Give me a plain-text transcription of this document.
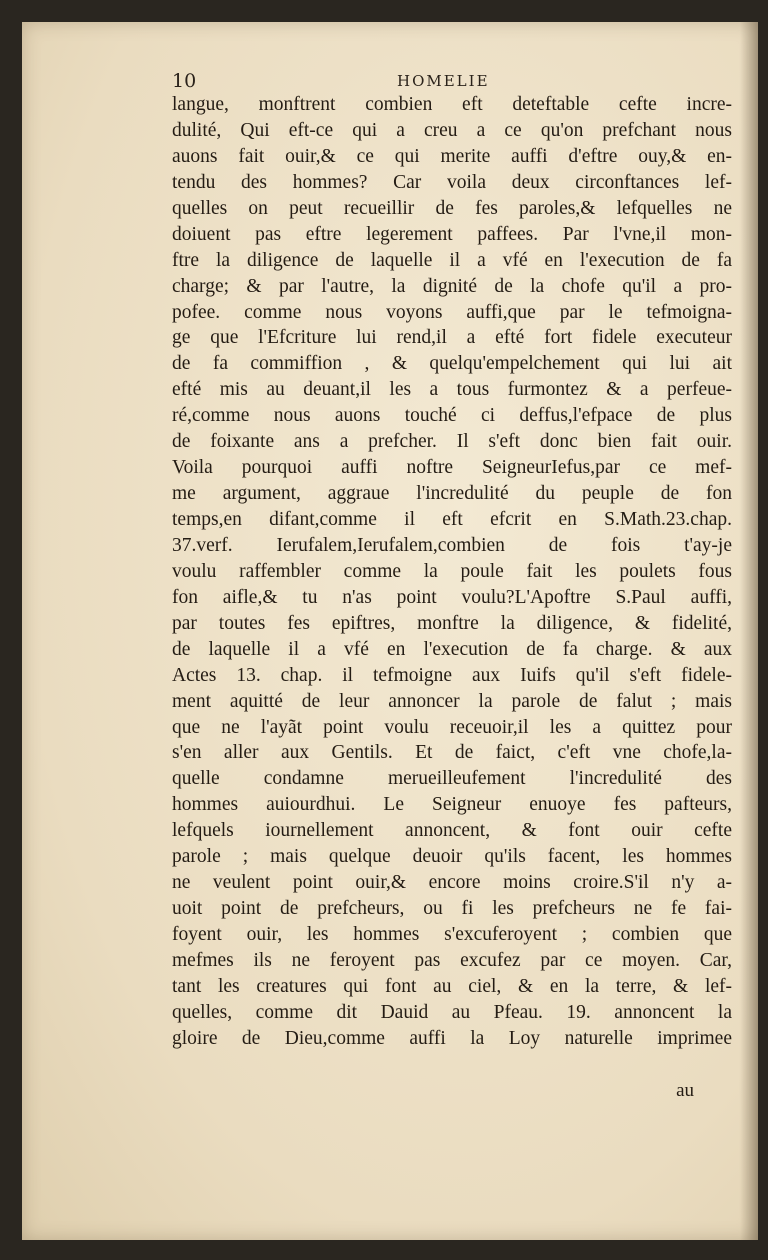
10	HOMELIE
langue, monftrent combien eft deteftable cefte incre-
dulité, Qui eft-ce qui a creu a ce qu'on prefchant nous
auons fait ouir,& ce qui merite auffi d'eftre ouy,& en-
tendu des hommes? Car voila deux circonftances lef-
quelles on peut recueillir de fes paroles,& lefquelles ne
doiuent pas eftre legerement paffees. Par l'vne,il mon-
ftre la diligence de laquelle il a vfé en l'execution de fa
charge; & par l'autre, la dignité de la chofe qu'il a pro-
pofee. comme nous voyons auffi,que par le tefmoigna-
ge que l'Efcriture lui rend,il a efté fort fidele executeur
de fa commiffion , & quelqu'empelchement qui lui ait
efté mis au deuant,il les a tous furmontez & a perfeue-
ré,comme nous auons touché ci deffus,l'efpace de plus
de foixante ans a prefcher. Il s'eft donc bien fait ouir.
Voila pourquoi auffi noftre SeigneurIefus,par ce mef-
me argument, aggraue l'incredulité du peuple de fon
temps,en difant,comme il eft efcrit en S.Math.23.chap.
37.verf. Ierufalem,Ierufalem,combien de fois t'ay-je
voulu raffembler comme la poule fait les poulets fous
fon aifle,& tu n'as point voulu?L'Apoftre S.Paul auffi,
par toutes fes epiftres, monftre la diligence, & fidelité,
de laquelle il a vfé en l'execution de fa charge. & aux
Actes 13. chap. il tefmoigne aux Iuifs qu'il s'eft fidele-
ment aquitté de leur annoncer la parole de falut ; mais
que ne l'ayãt point voulu receuoir,il les a quittez pour
s'en aller aux Gentils. Et de faict, c'eft vne chofe,la-
quelle condamne merueilleufement l'incredulité des
hommes auiourdhui. Le Seigneur enuoye fes pafteurs,
lefquels iournellement annoncent, & font ouir cefte
parole ; mais quelque deuoir qu'ils facent, les hommes
ne veulent point ouir,& encore moins croire.S'il n'y a-
uoit point de prefcheurs, ou fi les prefcheurs ne fe fai-
foyent ouir, les hommes s'excuferoyent ; combien que
mefmes ils ne feroyent pas excufez par ce moyen. Car,
tant les creatures qui font au ciel, & en la terre, & lef-
quelles, comme dit Dauid au Pfeau. 19. annoncent la
gloire de Dieu,comme auffi la Loy naturelle imprimee
au
